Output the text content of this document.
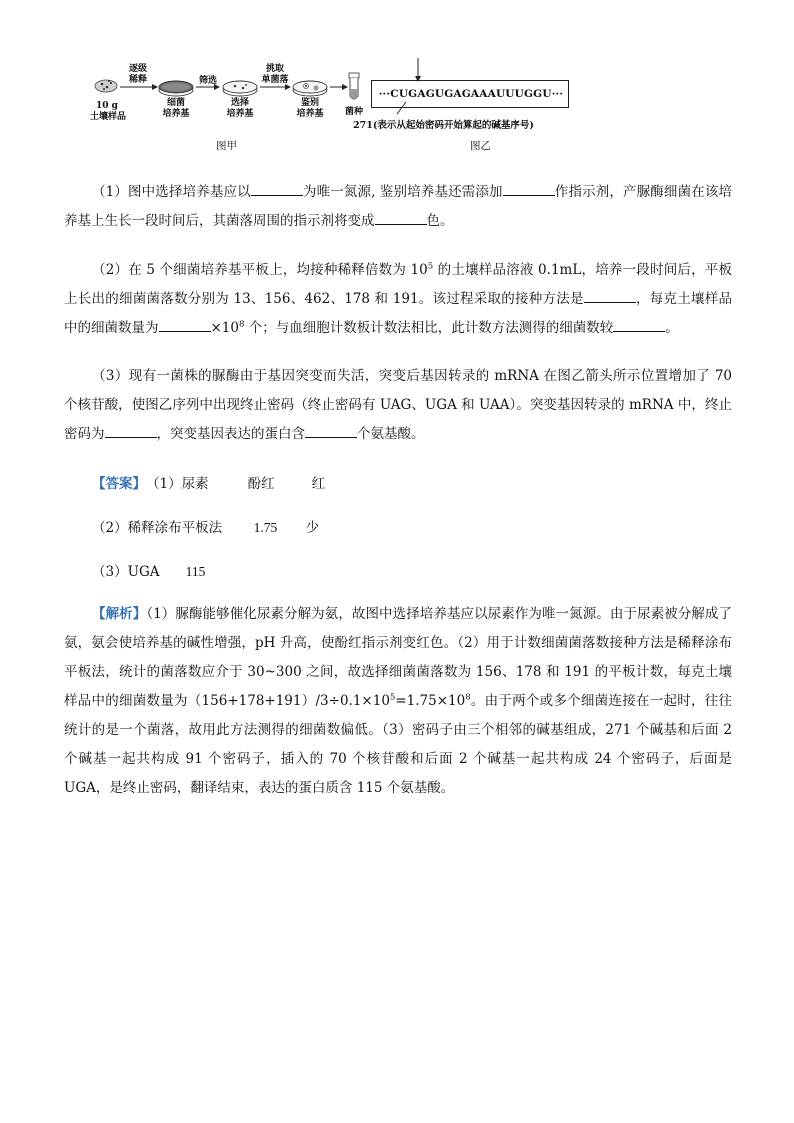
10 g
土壤样品
逐级
稀释
细菌
培养基
筛选
选择
培养基
挑取
单菌落
鉴别
培养基	菌种
···CUGAGUGAGAAAUUUGGU···
271(表示从起始密码开始算起的碱基序号)
图甲	图乙

（1）图中选择培养基应以	为唯一氮源, 鉴别培养基还需添加	作指示剂，产脲酶细菌在该培养基上生长一段时间后，其菌落周围的指示剂将变成	色。

（2）在 5 个细菌培养基平板上，均接种稀释倍数为 $10^5$ 的土壤样品溶液 0.1mL，培养一段时间后，平板上长出的细菌菌落数分别为 13、156、462、178 和 191。该过程采取的接种方法是	，每克土壤样品中的细菌数量为	$\times 10^8$ 个；与血细胞计数板计数法相比，此计数方法测得的细菌数较	。

（3）现有一菌株的脲酶由于基因突变而失活，突变后基因转录的 mRNA 在图乙箭头所示位置增加了 70 个核苷酸，使图乙序列中出现终止密码（终止密码有 UAG、UGA 和 UAA）。突变基因转录的 mRNA 中，终止密码为	，突变基因表达的蛋白含	个氨基酸。

【答案】（1）尿素	酚红	红
（2）稀释涂布平板法 1.75 少
（3）UGA 115

【解析】（1）脲酶能够催化尿素分解为氨，故图中选择培养基应以尿素作为唯一氮源。由于尿素被分解成了氨，氨会使培养基的碱性增强，pH 升高，使酚红指示剂变红色。（2）用于计数细菌菌落数接种方法是稀释涂布平板法，统计的菌落数应介于 30~300 之间，故选择细菌菌落数为 156、178 和 191 的平板计数，每克土壤样品中的细菌数量为$(156+178+191)/3\div 0.1\times 10^5=1.75\times 10^8$。由于两个或多个细菌连接在一起时，往往统计的是一个菌落，故用此方法测得的细菌数偏低。（3）密码子由三个相邻的碱基组成，271 个碱基和后面 2 个碱基一起共构成 91 个密码子，插入的 70 个核苷酸和后面 2 个碱基一起共构成 24 个密码子，后面是 UGA，是终止密码，翻译结束，表达的蛋白质含 115 个氨基酸。
